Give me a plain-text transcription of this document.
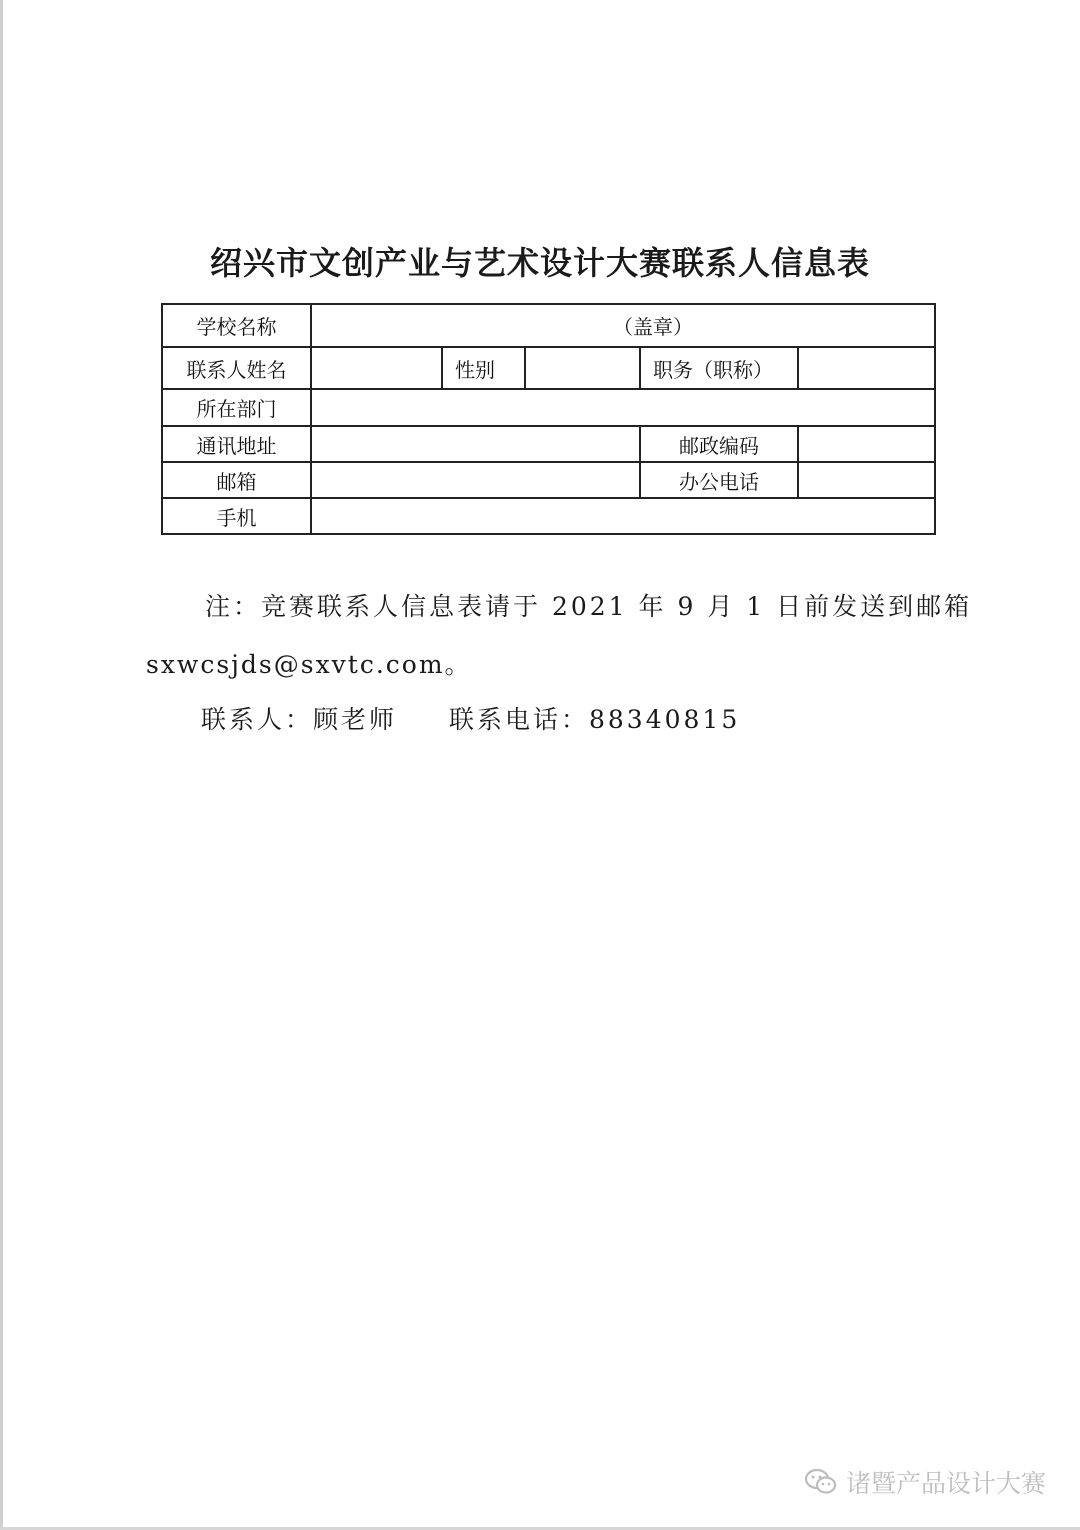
绍兴市文创产业与艺术设计大赛联系人信息表
学校名称	（盖章）				
联系人姓名		性别		职务（职称）	
所在部门					
通讯地址				邮政编码	
邮箱				办公电话	
手机					
注：竞赛联系人信息表请于 2021 年 9 月 1 日前发送到邮箱
sxwcsjds@sxvtc.com。
联系人：顾老师 联系电话：88340815
诸暨产品设计大赛
